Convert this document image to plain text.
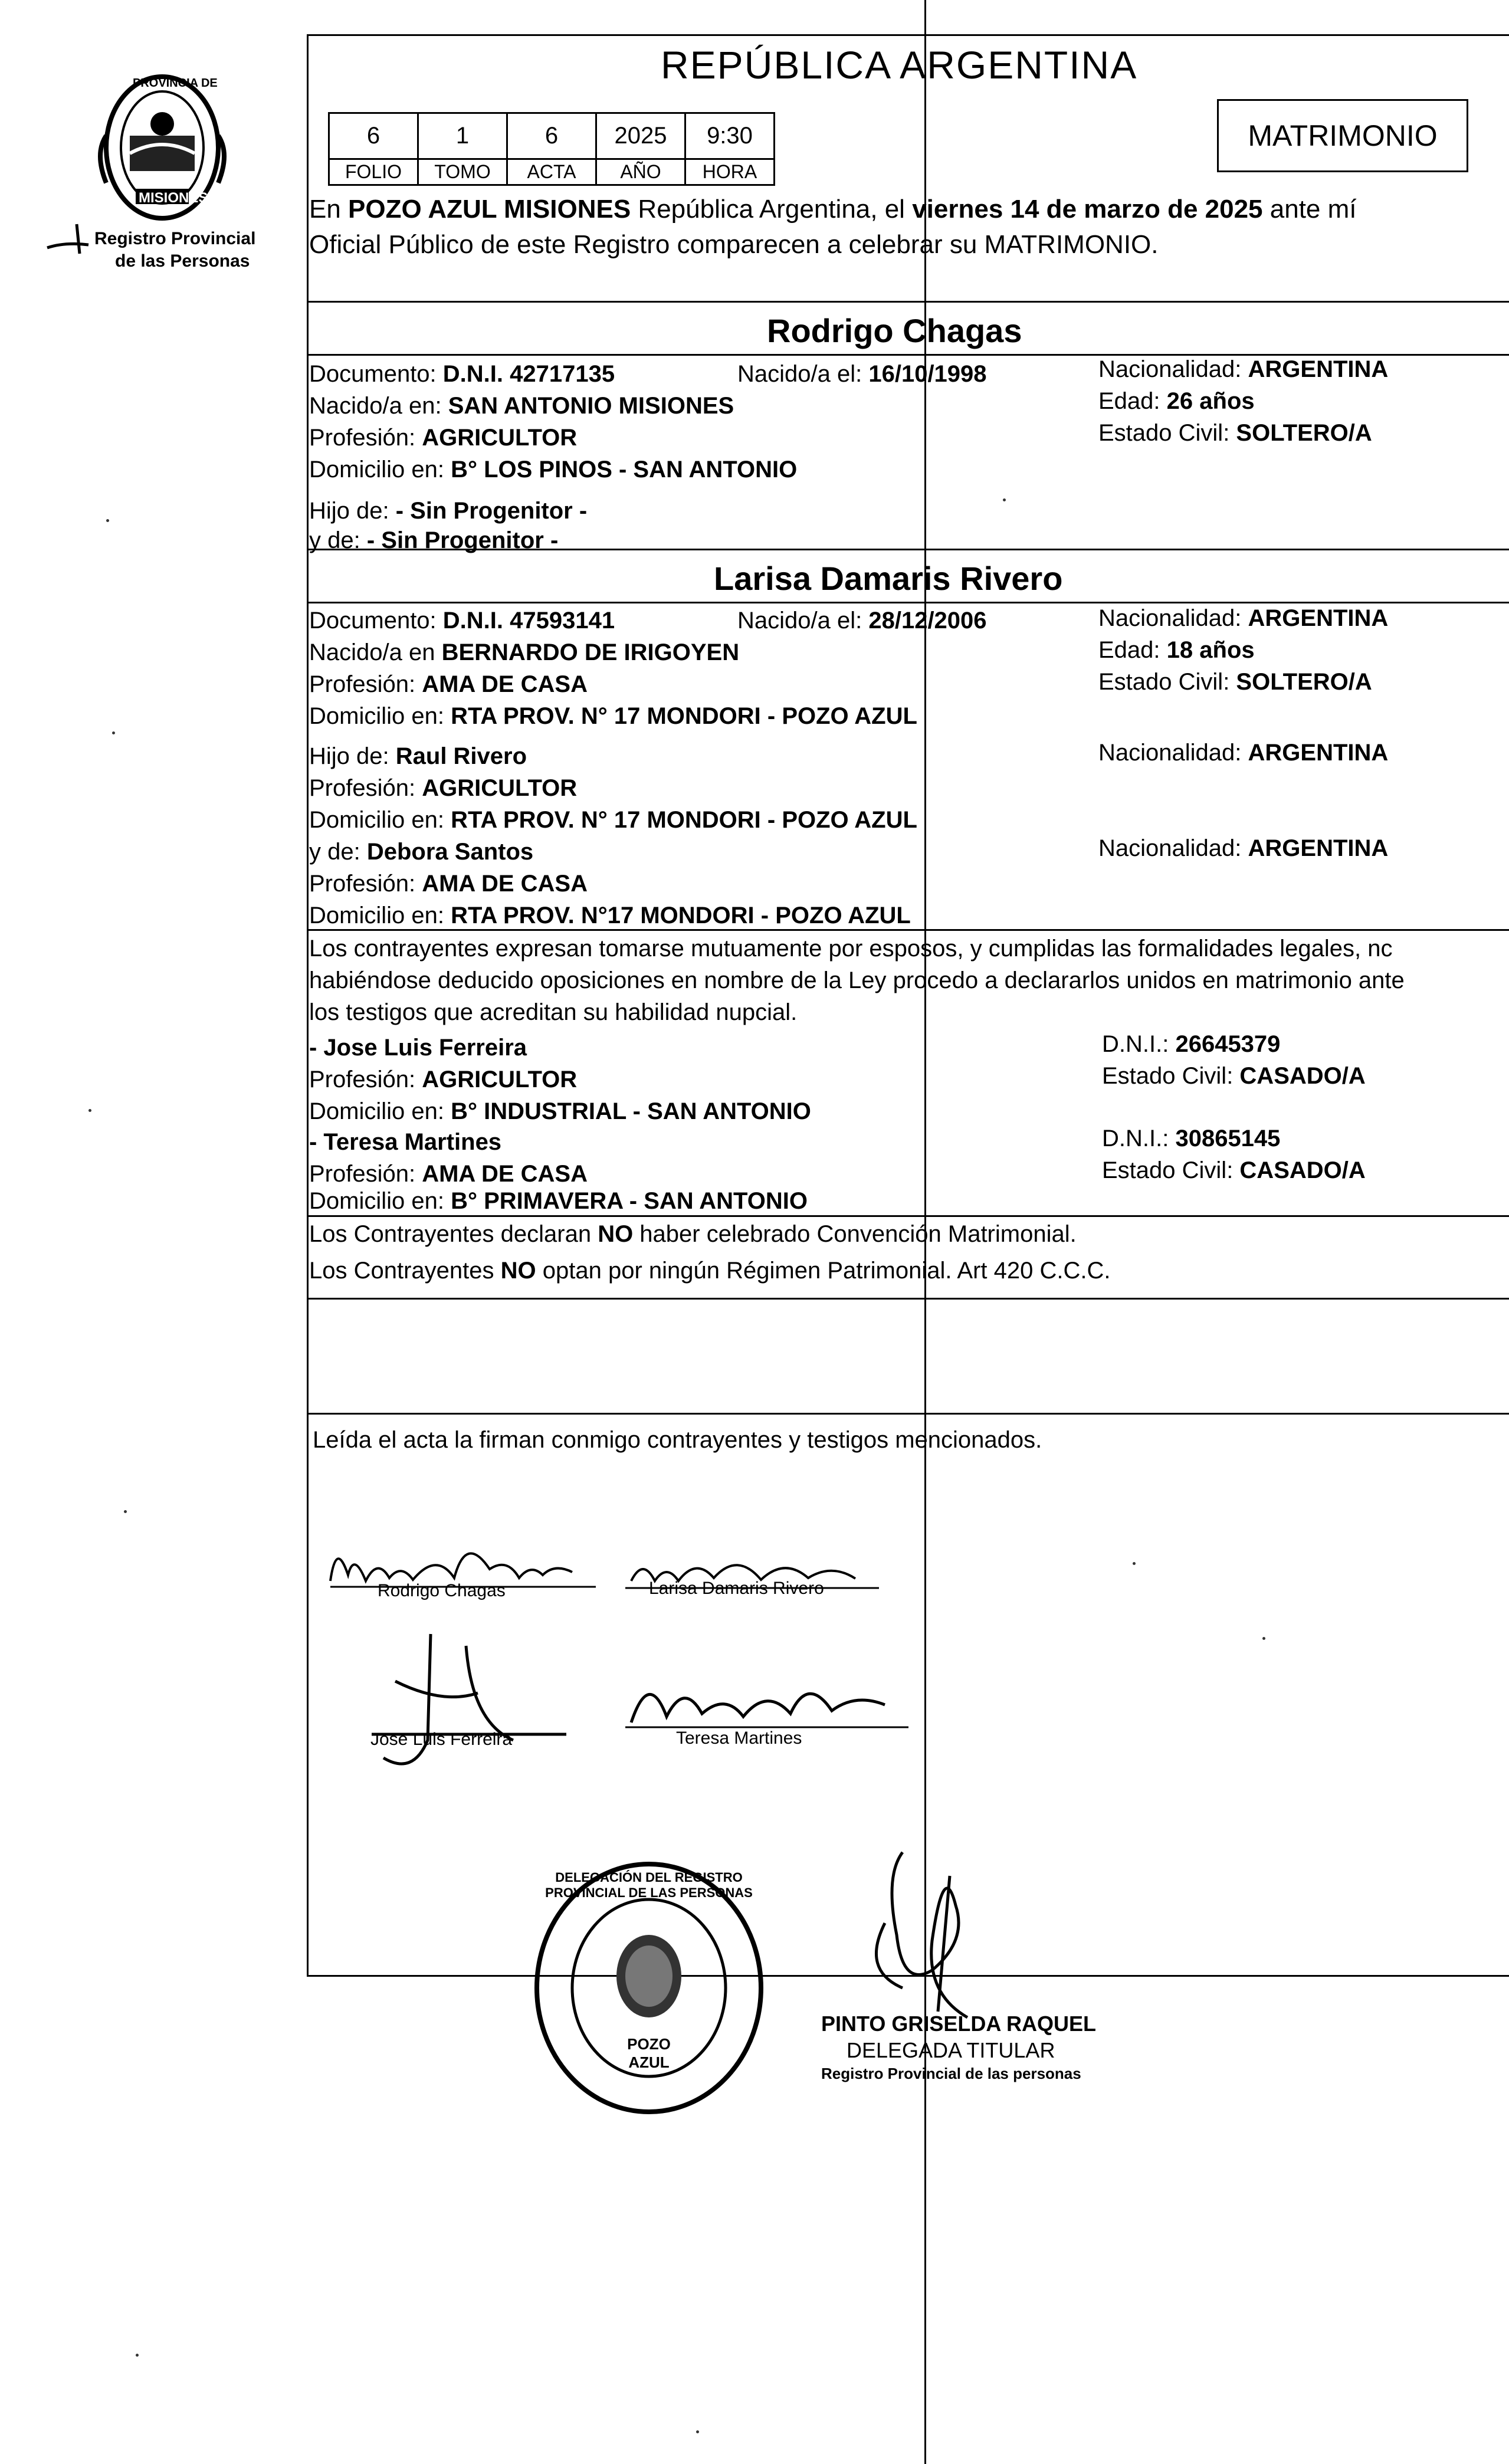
PROVINCIA DE
MISIONES
Registro Provincial
de las Personas
REPÚBLICA ARGENTINA
MATRIMONIO
6	1	6	2025	9:30
FOLIO	TOMO	ACTA	AÑO	HORA
En POZO AZUL MISIONES República Argentina, el viernes 14 de marzo de 2025 ante mí
Oficial Público de este Registro comparecen a celebrar su MATRIMONIO.
Rodrigo Chagas
Documento: D.N.I. 42717135	Nacido/a el: 16/10/1998
Nacido/a en: SAN ANTONIO MISIONES
Profesión: AGRICULTOR
Domicilio en: B° LOS PINOS - SAN ANTONIO
Nacionalidad: ARGENTINA
Edad: 26 años
Estado Civil: SOLTERO/A
Hijo de: - Sin Progenitor -
y de: - Sin Progenitor -
Larisa Damaris Rivero
Documento: D.N.I. 47593141	Nacido/a el: 28/12/2006
Nacido/a en BERNARDO DE IRIGOYEN
Profesión: AMA DE CASA
Domicilio en: RTA PROV. N° 17 MONDORI - POZO AZUL
Nacionalidad: ARGENTINA
Edad: 18 años
Estado Civil: SOLTERO/A
Hijo de: Raul Rivero
Profesión: AGRICULTOR
Domicilio en: RTA PROV. N° 17 MONDORI - POZO AZUL
Nacionalidad: ARGENTINA
y de: Debora Santos
Profesión: AMA DE CASA
Domicilio en: RTA PROV. N°17 MONDORI - POZO AZUL
Nacionalidad: ARGENTINA
Los contrayentes expresan tomarse mutuamente por esposos, y cumplidas las formalidades legales, nc
habiéndose deducido oposiciones en nombre de la Ley procedo a declararlos unidos en matrimonio ante
los testigos que acreditan su habilidad nupcial.
- Jose Luis Ferreira
Profesión: AGRICULTOR
Domicilio en: B° INDUSTRIAL - SAN ANTONIO
D.N.I.: 26645379
Estado Civil: CASADO/A
- Teresa Martines
Profesión: AMA DE CASA
Domicilio en: B° PRIMAVERA - SAN ANTONIO
D.N.I.: 30865145
Estado Civil: CASADO/A
Los Contrayentes declaran NO haber celebrado Convención Matrimonial.
Los Contrayentes NO optan por ningún Régimen Patrimonial. Art 420 C.C.C.
Leída el acta la firman conmigo contrayentes y testigos mencionados.
Rodrigo Chagas	Larisa Damaris Rivero
Jose Luis Ferreira	Teresa Martines
DELEGACIÓN DEL REGISTRO PROVINCIAL DE LAS PERSONAS
POZO AZUL
PINTO GRISELDA RAQUEL
DELEGADA TITULAR
Registro Provincial de las personas
